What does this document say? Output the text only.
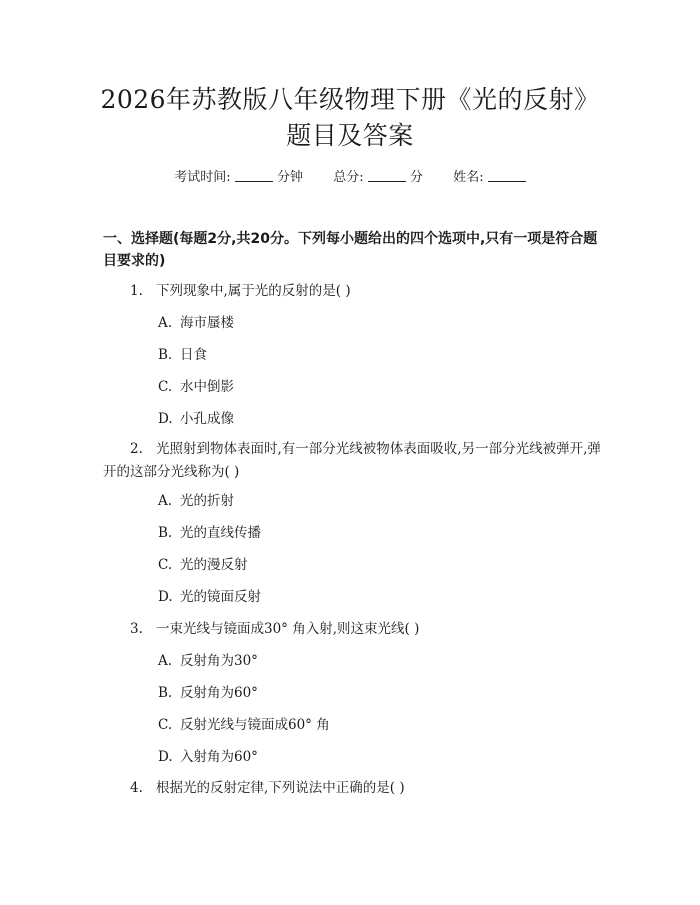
2026年苏教版八年级物理下册《光的反射》
题目及答案
考试时间:	分钟 总分:	分 姓名:
一、选择题(每题2分,共20分。下列每小题给出的四个选项中,只有一项是符合题目要求的)
1. 下列现象中,属于光的反射的是( )
A. 海市蜃楼
B. 日食
C. 水中倒影
D. 小孔成像
2. 光照射到物体表面时,有一部分光线被物体表面吸收,另一部分光线被弹开,弹开的这部分光线称为( )
A. 光的折射
B. 光的直线传播
C. 光的漫反射
D. 光的镜面反射
3. 一束光线与镜面成30° 角入射,则这束光线( )
A. 反射角为30°
B. 反射角为60°
C. 反射光线与镜面成60° 角
D. 入射角为60°
4. 根据光的反射定律,下列说法中正确的是( )
